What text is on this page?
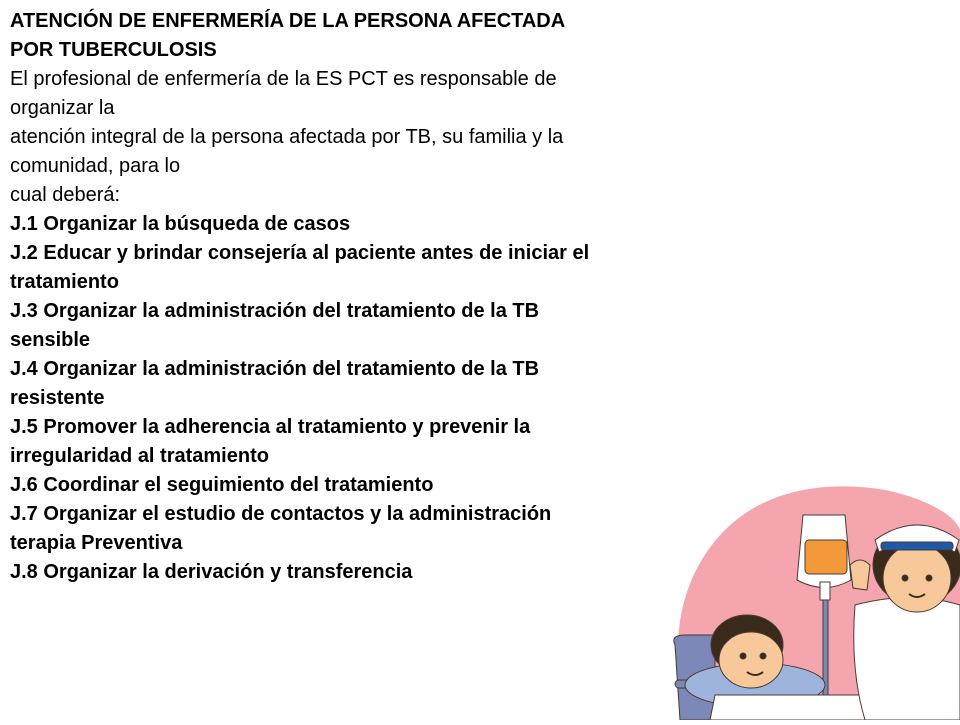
ATENCIÓN DE ENFERMERÍA DE LA PERSONA AFECTADA
POR TUBERCULOSIS
El profesional de enfermería de la ES PCT es responsable de
organizar la
atención integral de la persona afectada por TB, su familia y la
comunidad, para lo
cual deberá:
J.1 Organizar la búsqueda de casos
J.2 Educar y brindar consejería al paciente antes de iniciar el
tratamiento
J.3 Organizar la administración del tratamiento de la TB
sensible
J.4 Organizar la administración del tratamiento de la TB
resistente
J.5 Promover la adherencia al tratamiento y prevenir la
irregularidad al tratamiento
J.6 Coordinar el seguimiento del tratamiento
J.7 Organizar el estudio de contactos y la administración
terapia Preventiva
J.8 Organizar la derivación y transferencia
